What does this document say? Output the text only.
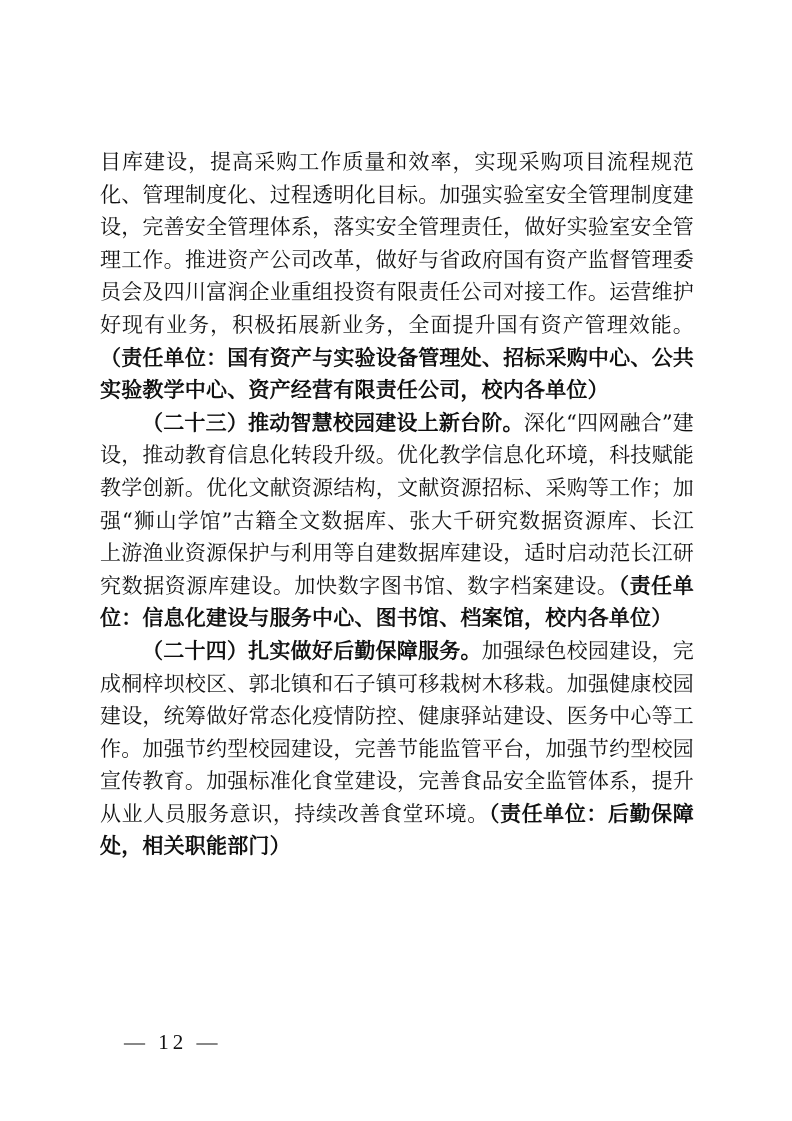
目库建设，提高采购工作质量和效率，实现采购项目流程规范化、管理制度化、过程透明化目标。加强实验室安全管理制度建设，完善安全管理体系，落实安全管理责任，做好实验室安全管理工作。推进资产公司改革，做好与省政府国有资产监督管理委员会及四川富润企业重组投资有限责任公司对接工作。运营维护好现有业务，积极拓展新业务，全面提升国有资产管理效能。（责任单位：国有资产与实验设备管理处、招标采购中心、公共实验教学中心、资产经营有限责任公司，校内各单位）

（二十三）推动智慧校园建设上新台阶。深化“四网融合”建设，推动教育信息化转段升级。优化教学信息化环境，科技赋能教学创新。优化文献资源结构，文献资源招标、采购等工作；加强“狮山学馆”古籍全文数据库、张大千研究数据资源库、长江上游渔业资源保护与利用等自建数据库建设，适时启动范长江研究数据资源库建设。加快数字图书馆、数字档案建设。（责任单位：信息化建设与服务中心、图书馆、档案馆，校内各单位）

（二十四）扎实做好后勤保障服务。加强绿色校园建设，完成桐梓坝校区、郭北镇和石子镇可移栽树木移栽。加强健康校园建设，统筹做好常态化疫情防控、健康驿站建设、医务中心等工作。加强节约型校园建设，完善节能监管平台，加强节约型校园宣传教育。加强标准化食堂建设，完善食品安全监管体系，提升从业人员服务意识，持续改善食堂环境。（责任单位：后勤保障处，相关职能部门）

— 12 —
